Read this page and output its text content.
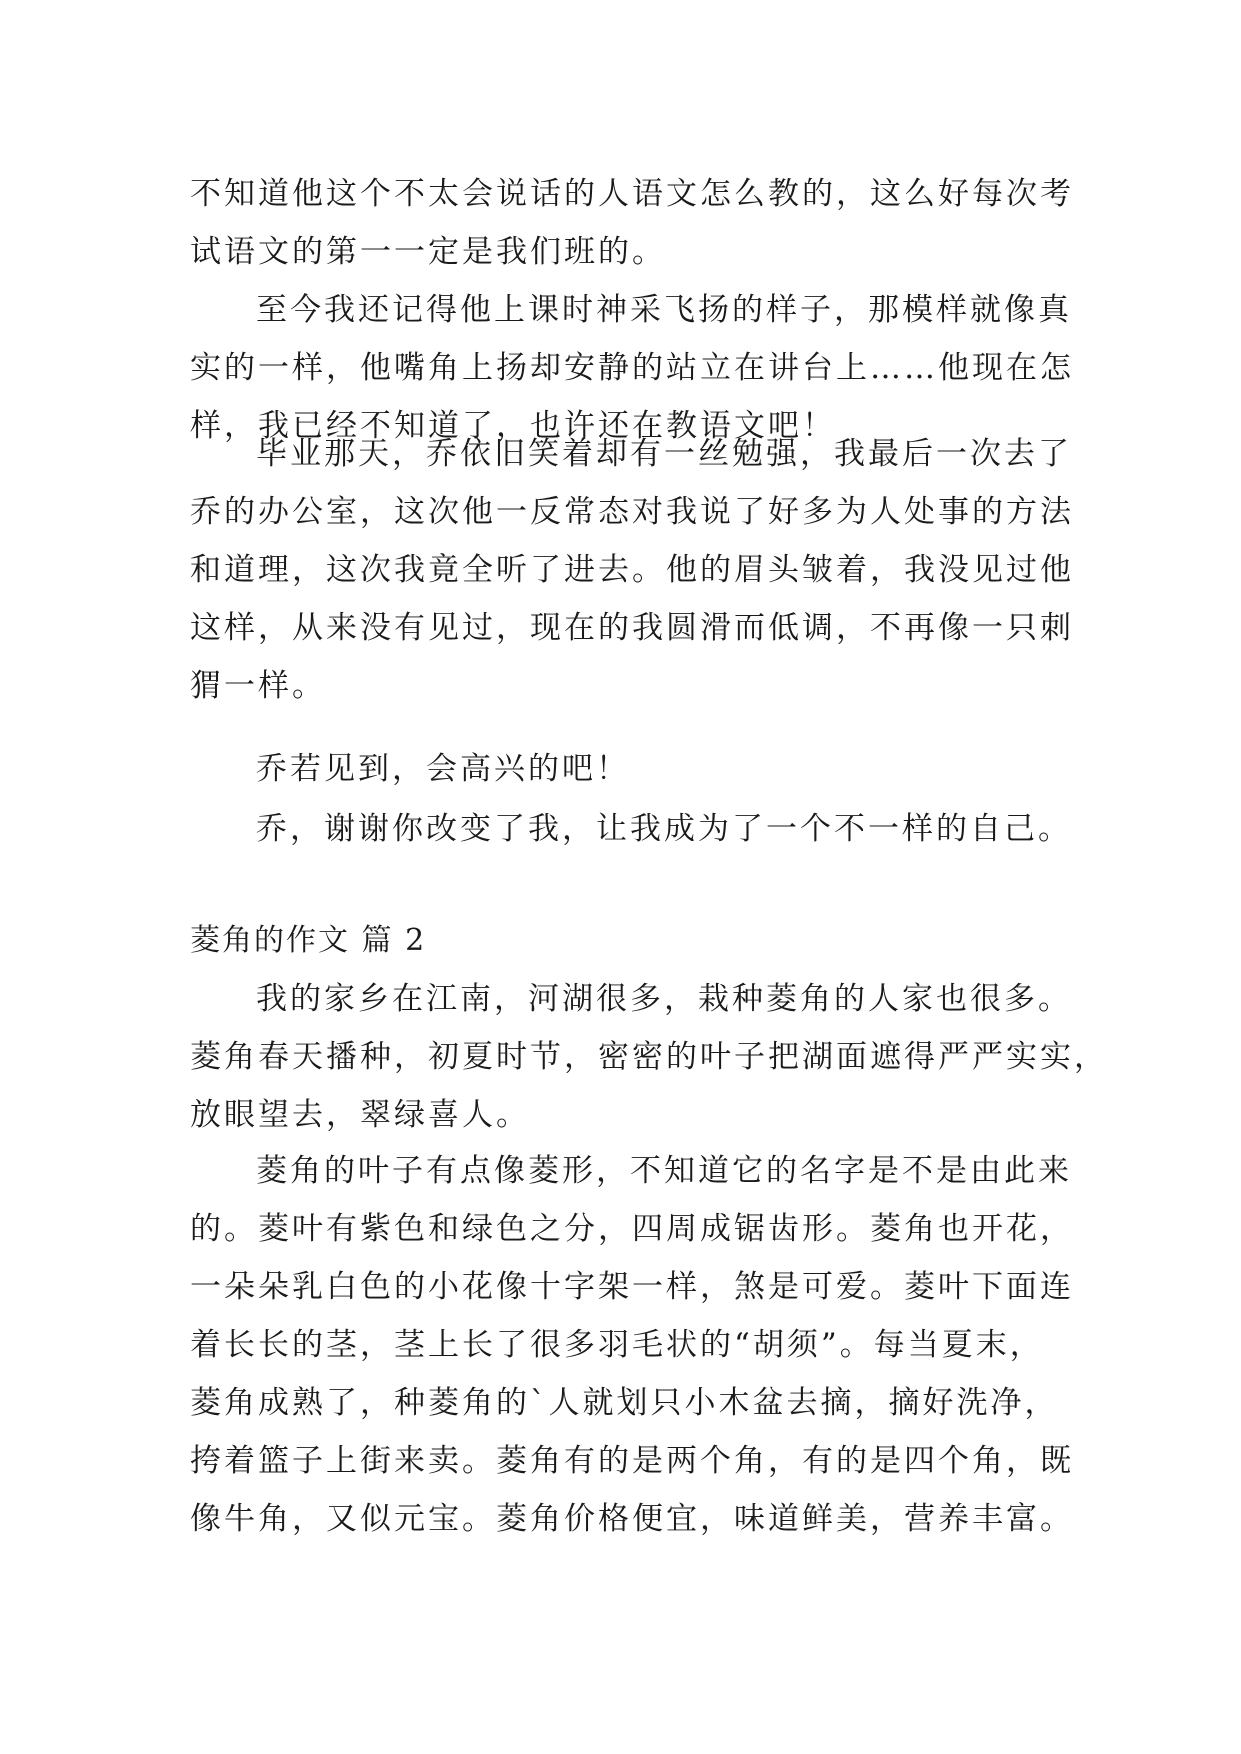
不知道他这个不太会说话的人语文怎么教的，这么好每次考
试语文的第一一定是我们班的。
至今我还记得他上课时神采飞扬的样子，那模样就像真
实的一样，他嘴角上扬却安静的站立在讲台上……他现在怎
样，我已经不知道了，也许还在教语文吧！
毕业那天，乔依旧笑着却有一丝勉强，我最后一次去了
乔的办公室，这次他一反常态对我说了好多为人处事的方法
和道理，这次我竟全听了进去。他的眉头皱着，我没见过他
这样，从来没有见过，现在的我圆滑而低调，不再像一只刺
猬一样。
乔若见到，会高兴的吧！
乔，谢谢你改变了我，让我成为了一个不一样的自己。
菱角的作文 篇 2
我的家乡在江南，河湖很多，栽种菱角的人家也很多。
菱角春天播种，初夏时节，密密的叶子把湖面遮得严严实实，
放眼望去，翠绿喜人。
菱角的叶子有点像菱形，不知道它的名字是不是由此来
的。菱叶有紫色和绿色之分，四周成锯齿形。菱角也开花，
一朵朵乳白色的小花像十字架一样，煞是可爱。菱叶下面连
着长长的茎，茎上长了很多羽毛状的“胡须”。每当夏末，
菱角成熟了，种菱角的`人就划只小木盆去摘，摘好洗净，
挎着篮子上街来卖。菱角有的是两个角，有的是四个角，既
像牛角，又似元宝。菱角价格便宜，味道鲜美，营养丰富。
